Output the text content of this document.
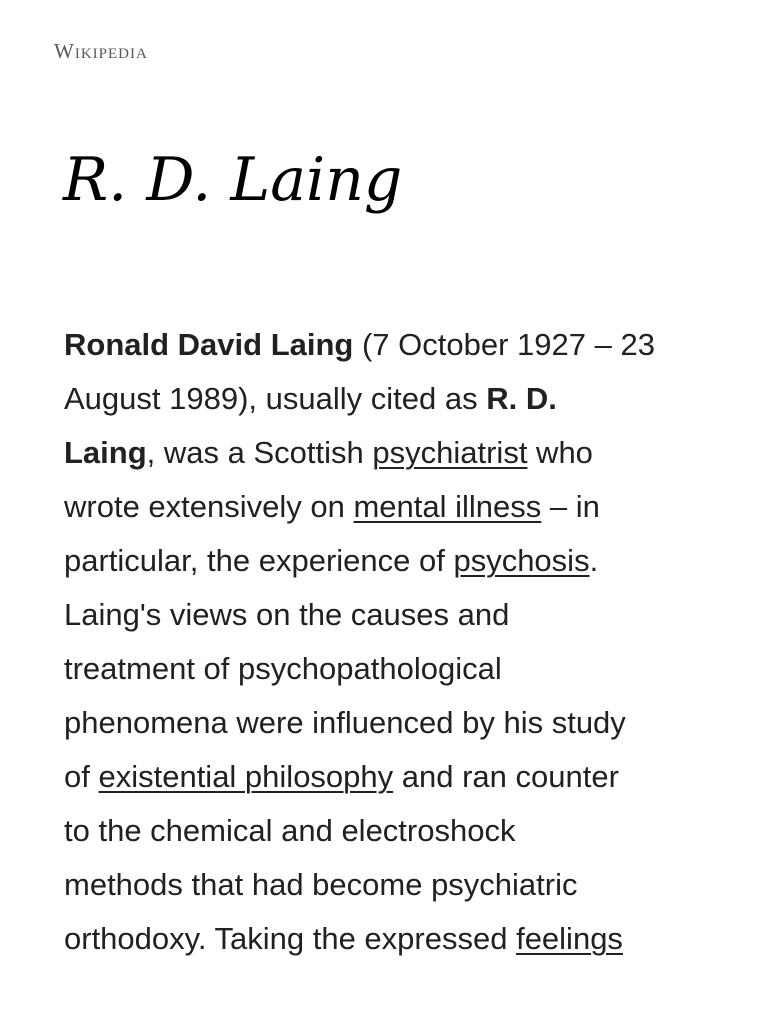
Wikipedia
R. D. Laing

Ronald David Laing (7 October 1927 – 23
August 1989), usually cited as R. D.
Laing, was a Scottish psychiatrist who
wrote extensively on mental illness – in
particular, the experience of psychosis.
Laing's views on the causes and
treatment of psychopathological
phenomena were influenced by his study
of existential philosophy and ran counter
to the chemical and electroshock
methods that had become psychiatric
orthodoxy. Taking the expressed feelings
